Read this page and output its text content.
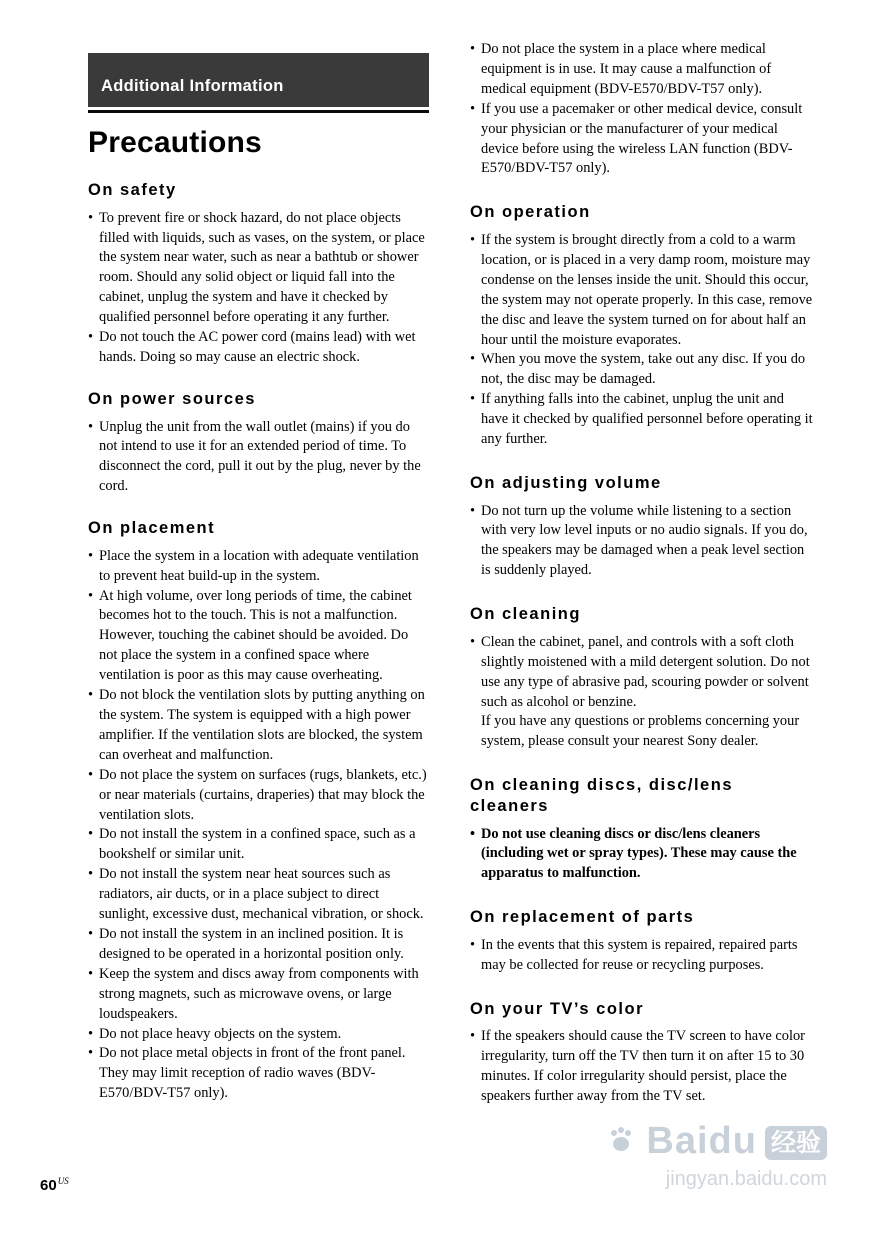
Additional Information
Precautions
On safety
• To prevent fire or shock hazard, do not place objects filled with liquids, such as vases, on the system, or place the system near water, such as near a bathtub or shower room. Should any solid object or liquid fall into the cabinet, unplug the system and have it checked by qualified personnel before operating it any further.
• Do not touch the AC power cord (mains lead) with wet hands. Doing so may cause an electric shock.
On power sources
• Unplug the unit from the wall outlet (mains) if you do not intend to use it for an extended period of time. To disconnect the cord, pull it out by the plug, never by the cord.
On placement
• Place the system in a location with adequate ventilation to prevent heat build-up in the system.
• At high volume, over long periods of time, the cabinet becomes hot to the touch. This is not a malfunction. However, touching the cabinet should be avoided. Do not place the system in a confined space where ventilation is poor as this may cause overheating.
• Do not block the ventilation slots by putting anything on the system. The system is equipped with a high power amplifier. If the ventilation slots are blocked, the system can overheat and malfunction.
• Do not place the system on surfaces (rugs, blankets, etc.) or near materials (curtains, draperies) that may block the ventilation slots.
• Do not install the system in a confined space, such as a bookshelf or similar unit.
• Do not install the system near heat sources such as radiators, air ducts, or in a place subject to direct sunlight, excessive dust, mechanical vibration, or shock.
• Do not install the system in an inclined position. It is designed to be operated in a horizontal position only.
• Keep the system and discs away from components with strong magnets, such as microwave ovens, or large loudspeakers.
• Do not place heavy objects on the system.
• Do not place metal objects in front of the front panel. They may limit reception of radio waves (BDV-E570/BDV-T57 only).
• Do not place the system in a place where medical equipment is in use. It may cause a malfunction of medical equipment (BDV-E570/BDV-T57 only).
• If you use a pacemaker or other medical device, consult your physician or the manufacturer of your medical device before using the wireless LAN function (BDV-E570/BDV-T57 only).
On operation
• If the system is brought directly from a cold to a warm location, or is placed in a very damp room, moisture may condense on the lenses inside the unit. Should this occur, the system may not operate properly. In this case, remove the disc and leave the system turned on for about half an hour until the moisture evaporates.
• When you move the system, take out any disc. If you do not, the disc may be damaged.
• If anything falls into the cabinet, unplug the unit and have it checked by qualified personnel before operating it any further.
On adjusting volume
• Do not turn up the volume while listening to a section with very low level inputs or no audio signals. If you do, the speakers may be damaged when a peak level section is suddenly played.
On cleaning
• Clean the cabinet, panel, and controls with a soft cloth slightly moistened with a mild detergent solution. Do not use any type of abrasive pad, scouring powder or solvent such as alcohol or benzine.
If you have any questions or problems concerning your system, please consult your nearest Sony dealer.
On cleaning discs, disc/lens cleaners
• Do not use cleaning discs or disc/lens cleaners (including wet or spray types). These may cause the apparatus to malfunction.
On replacement of parts
• In the events that this system is repaired, repaired parts may be collected for reuse or recycling purposes.
On your TV’s color
• If the speakers should cause the TV screen to have color irregularity, turn off the TV then turn it on after 15 to 30 minutes. If color irregularity should persist, place the speakers further away from the TV set.
$60^{US}$
Baidu 经验
jingyan.baidu.com
